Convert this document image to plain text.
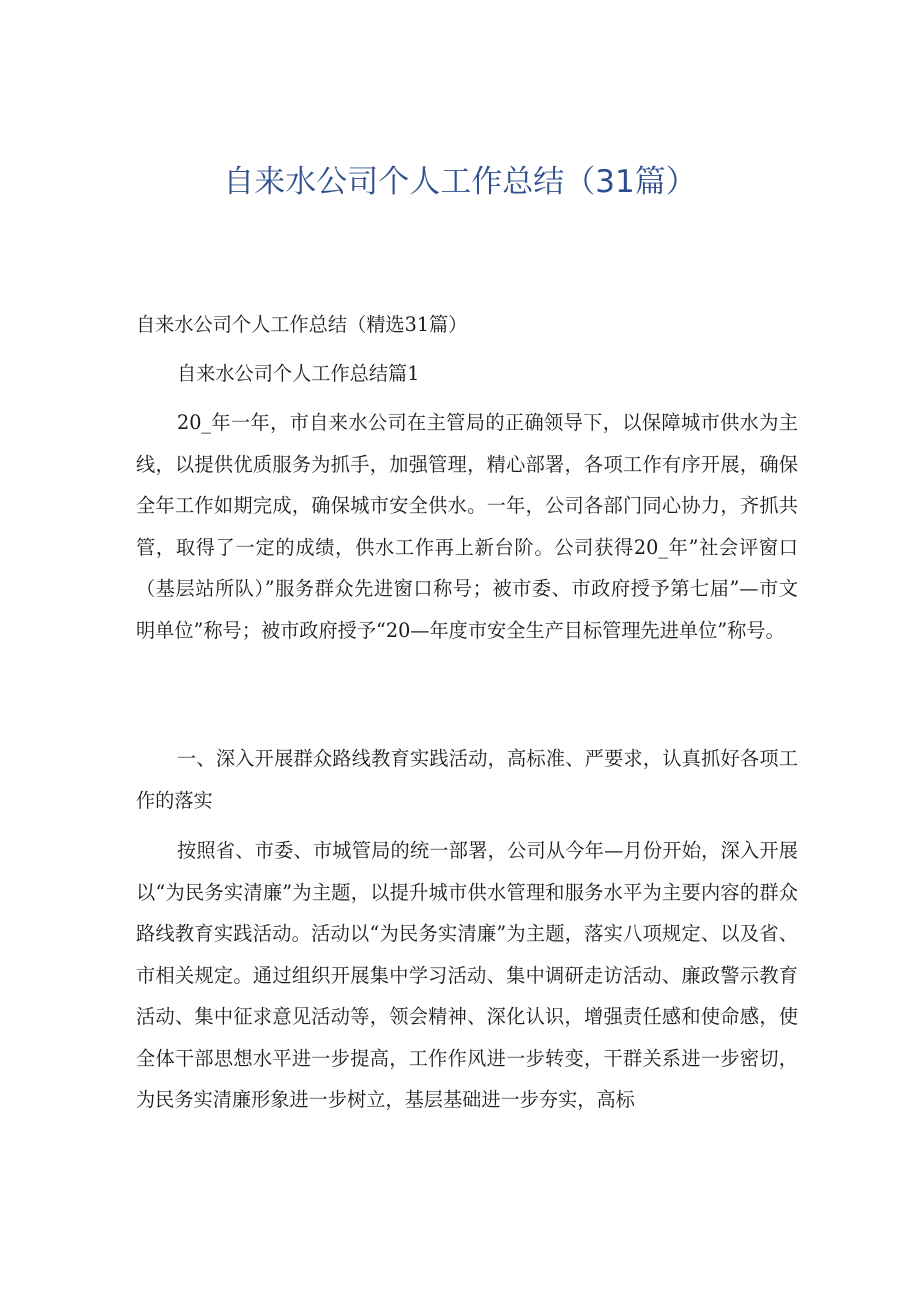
自来水公司个人工作总结（31篇）

自来水公司个人工作总结（精选31篇）

自来水公司个人工作总结篇1

20_年一年，市自来水公司在主管局的正确领导下，以保障城市供水为主线，以提供优质服务为抓手，加强管理，精心部署，各项工作有序开展，确保全年工作如期完成，确保城市安全供水。一年，公司各部门同心协力，齐抓共管，取得了一定的成绩，供水工作再上新台阶。公司获得20_年”社会评窗口（基层站所队）”服务群众先进窗口称号；被市委、市政府授予第七届”—市文明单位”称号；被市政府授予“20—年度市安全生产目标管理先进单位”称号。

一、深入开展群众路线教育实践活动，高标准、严要求，认真抓好各项工作的落实

按照省、市委、市城管局的统一部署，公司从今年—月份开始，深入开展以“为民务实清廉”为主题，以提升城市供水管理和服务水平为主要内容的群众路线教育实践活动。活动以“为民务实清廉”为主题，落实八项规定、以及省、市相关规定。通过组织开展集中学习活动、集中调研走访活动、廉政警示教育活动、集中征求意见活动等，领会精神、深化认识，增强责任感和使命感，使全体干部思想水平进一步提高，工作作风进一步转变，干群关系进一步密切，为民务实清廉形象进一步树立，基层基础进一步夯实，高标
